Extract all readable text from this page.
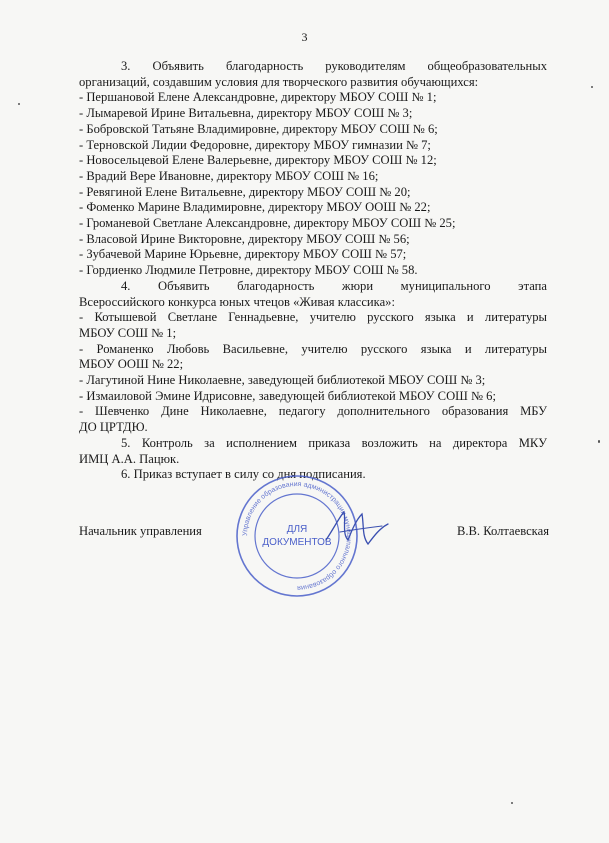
3
3. Объявить благодарность руководителям общеобразовательных
организаций, создавшим условия для творческого развития обучающихся:
- Першановой Елене Александровне, директору МБОУ СОШ № 1;
- Лымаревой Ирине Витальевна, директору МБОУ СОШ № 3;
- Бобровской Татьяне Владимировне, директору МБОУ СОШ № 6;
- Терновской Лидии Федоровне, директору МБОУ гимназии № 7;
- Новосельцевой Елене Валерьевне, директору МБОУ СОШ № 12;
- Врадий Вере Ивановне, директору МБОУ СОШ № 16;
- Ревягиной Елене Витальевне, директору МБОУ СОШ № 20;
- Фоменко Марине Владимировне, директору МБОУ ООШ № 22;
- Громаневой Светлане Александровне, директору МБОУ СОШ № 25;
- Власовой Ирине Викторовне, директору МБОУ СОШ № 56;
- Зубачевой Марине Юрьевне, директору МБОУ СОШ № 57;
- Гордиенко Людмиле Петровне, директору МБОУ СОШ № 58.
4. Объявить благодарность жюри муниципального этапа
Всероссийского конкурса юных чтецов «Живая классика»:
- Котышевой Светлане Геннадьевне, учителю русского языка и литературы
МБОУ СОШ № 1;
- Романенко Любовь Васильевне, учителю русского языка и литературы
МБОУ ООШ № 22;
- Лагутиной Нине Николаевне, заведующей библиотекой МБОУ СОШ № 3;
- Измаиловой Эмине Идрисовне, заведующей библиотекой МБОУ СОШ № 6;
- Шевченко Дине Николаевне, педагогу дополнительного образования МБУ
ДО ЦРТДЮ.
5. Контроль за исполнением приказа возложить на директора МКУ
ИМЦ А.А. Пацюк.
6. Приказ вступает в силу со дня подписания.
Управление образования администрации муниципального образования
ДЛЯ
ДОКУМЕНТОВ
Начальник управления	В.В. Колтаевская
